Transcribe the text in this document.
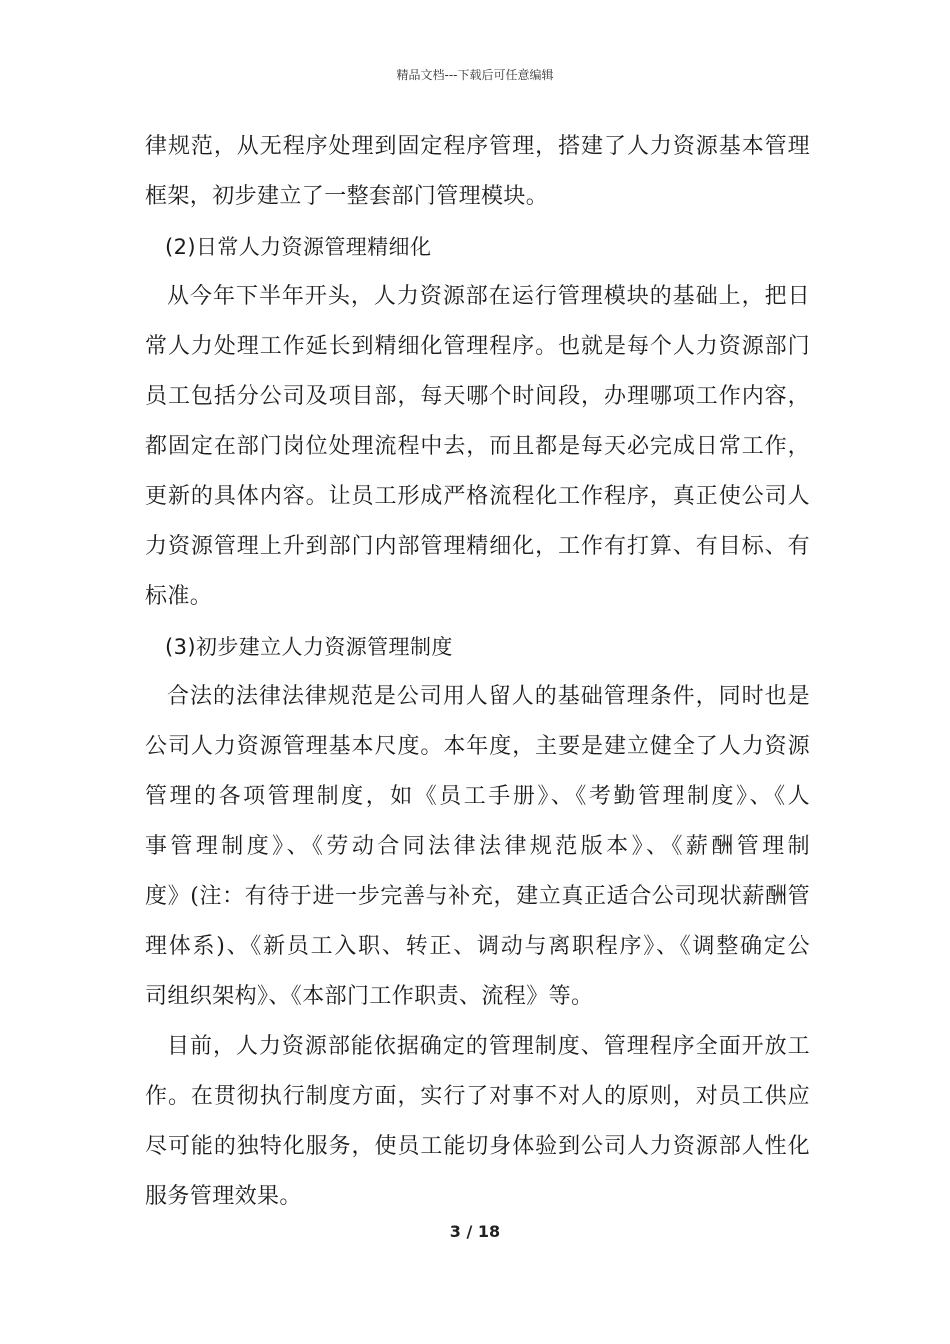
精品文档---下载后可任意编辑
律规范，从无程序处理到固定程序管理，搭建了人力资源基本管理
框架，初步建立了一整套部门管理模块。
(2)日常人力资源管理精细化
从今年下半年开头，人力资源部在运行管理模块的基础上，把日
常人力处理工作延长到精细化管理程序。也就是每个人力资源部门
员工包括分公司及项目部，每天哪个时间段，办理哪项工作内容，
都固定在部门岗位处理流程中去，而且都是每天必完成日常工作，
更新的具体内容。让员工形成严格流程化工作程序，真正使公司人
力资源管理上升到部门内部管理精细化，工作有打算、有目标、有
标准。
(3)初步建立人力资源管理制度
合法的法律法律规范是公司用人留人的基础管理条件，同时也是
公司人力资源管理基本尺度。本年度，主要是建立健全了人力资源
管理的各项管理制度，如《员工手册》、《考勤管理制度》、《人
事管理制度》、《劳动合同法律法律规范版本》、《薪酬管理制
度》(注：有待于进一步完善与补充，建立真正适合公司现状薪酬管
理体系)、《新员工入职、转正、调动与离职程序》、《调整确定公
司组织架构》、《本部门工作职责、流程》等。
目前，人力资源部能依据确定的管理制度、管理程序全面开放工
作。在贯彻执行制度方面，实行了对事不对人的原则，对员工供应
尽可能的独特化服务，使员工能切身体验到公司人力资源部人性化
服务管理效果。
3 / 18
